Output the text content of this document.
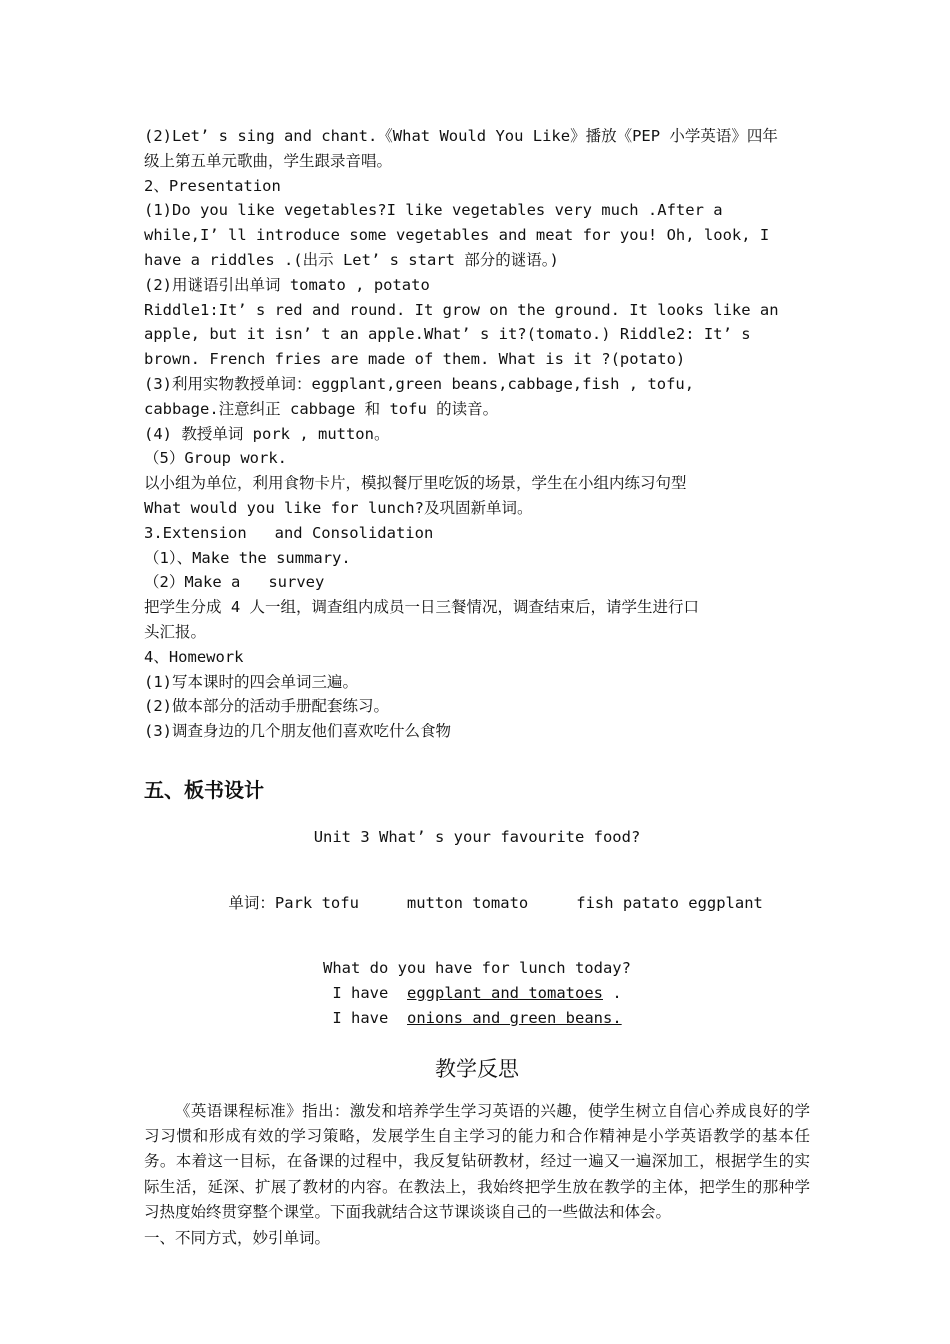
(2)Let’ s sing and chant.《What Would You Like》播放《PEP 小学英语》四年

级上第五单元歌曲，学生跟录音唱。

2、Presentation

(1)Do you like vegetables?I like vegetables very much .After a

while,I’ ll introduce some vegetables and meat for you! Oh, look, I

have a riddles .(出示 Let’ s start 部分的谜语。)

(2)用谜语引出单词 tomato , potato

Riddle1:It’ s red and round. It grow on the ground. It looks like an

apple, but it isn’ t an apple.What’ s it?(tomato.) Riddle2: It’ s

brown. French fries are made of them. What is it ?(potato)

(3)利用实物教授单词：eggplant,green beans,cabbage,fish , tofu,

cabbage.注意纠正 cabbage 和 tofu 的读音。

(4) 教授单词 pork , mutton。

（5）Group work.

以小组为单位，利用食物卡片，模拟餐厅里吃饭的场景，学生在小组内练习句型

What would you like for lunch?及巩固新单词。

3.Extension   and Consolidation

（1）、Make the summary.

（2）Make a   survey

把学生分成 4 人一组，调查组内成员一日三餐情况，调查结束后，请学生进行口

头汇报。

4、Homework

(1)写本课时的四会单词三遍。

(2)做本部分的活动手册配套练习。

(3)调查身边的几个朋友他们喜欢吃什么食物

五、板书设计

Unit 3 What’ s your favourite food?

单词：Park tofu	mutton tomato	fish patato eggplant

What do you have for lunch today?

I have eggplant and tomatoes .

I have onions and green beans.

教学反思

《英语课程标准》指出：激发和培养学生学习英语的兴趣，使学生树立自信心养成良好的学习习惯和形成有效的学习策略，发展学生自主学习的能力和合作精神是小学英语教学的基本任务。本着这一目标，在备课的过程中，我反复钻研教材，经过一遍又一遍深加工，根据学生的实际生活，延深、扩展了教材的内容。在教法上，我始终把学生放在教学的主体，把学生的那种学习热度始终贯穿整个课堂。下面我就结合这节课谈谈自己的一些做法和体会。

一、不同方式，妙引单词。
